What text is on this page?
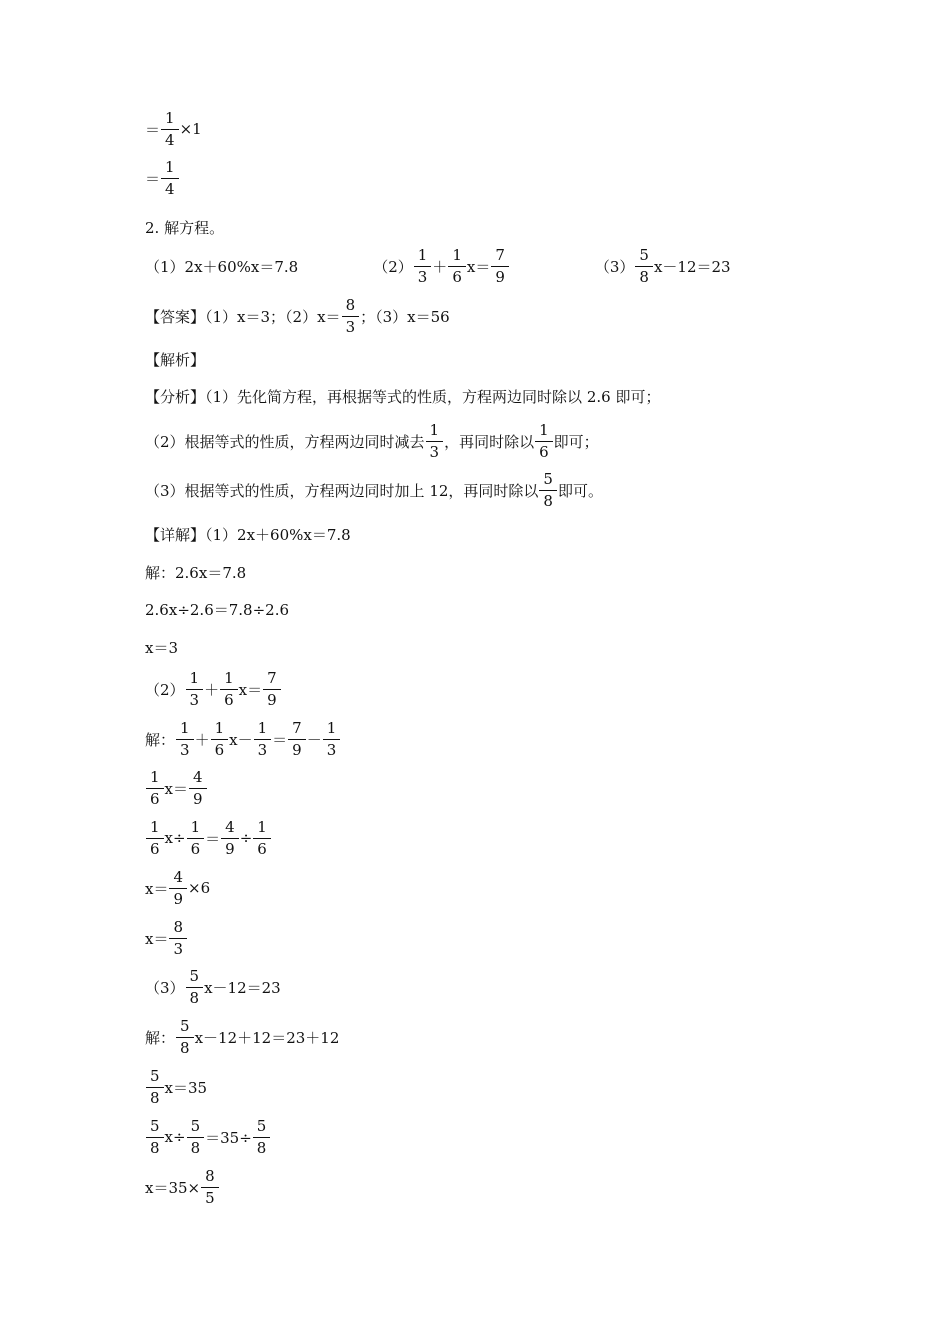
＝ $\frac{1}{4} \times 1$
＝ $\frac{1}{4}$
2. 解方程。
（1）2x＋60%x＝7.8	$(2) \frac{1}{3} + \frac{1}{6} x= \frac{7}{9}$	$(3) \frac{5}{8} x-12=23$
【答案】（1）x＝3；$(2)x= \frac{8}{3}$ ；（3）x＝56
【解析】
【分析】（1）先化简方程，再根据等式的性质，方程两边同时除以 2.6 即可；
（2）根据等式的性质，方程两边同时减去 $\frac{1}{3}$ ，再同时除以 $\frac{1}{6}$ 即可；
（3）根据等式的性质，方程两边同时加上 12，再同时除以 $\frac{5}{8}$ 即可。
【详解】（1）2x＋60%x＝7.8
解：2.6x＝7.8
2.6x÷2.6＝7.8÷2.6
x＝3
$(2) \frac{1}{3} + \frac{1}{6} x= \frac{7}{9}$
解： $\frac{1}{3} + \frac{1}{6} x- \frac{1}{3} = \frac{7}{9} - \frac{1}{3}$
$\frac{1}{6} x= \frac{4}{9}$
$\frac{1}{6} x\div \frac{1}{6} = \frac{4}{9} \div \frac{1}{6}$
$x= \frac{4}{9} \times 6$
$x= \frac{8}{3}$
$(3) \frac{5}{8} x-12=23$
解： $\frac{5}{8} x-12+12=23+12$
$\frac{5}{8} x=35$
$\frac{5}{8} x\div \frac{5}{8} =35\div \frac{5}{8}$
$x=35\times \frac{8}{5}$
